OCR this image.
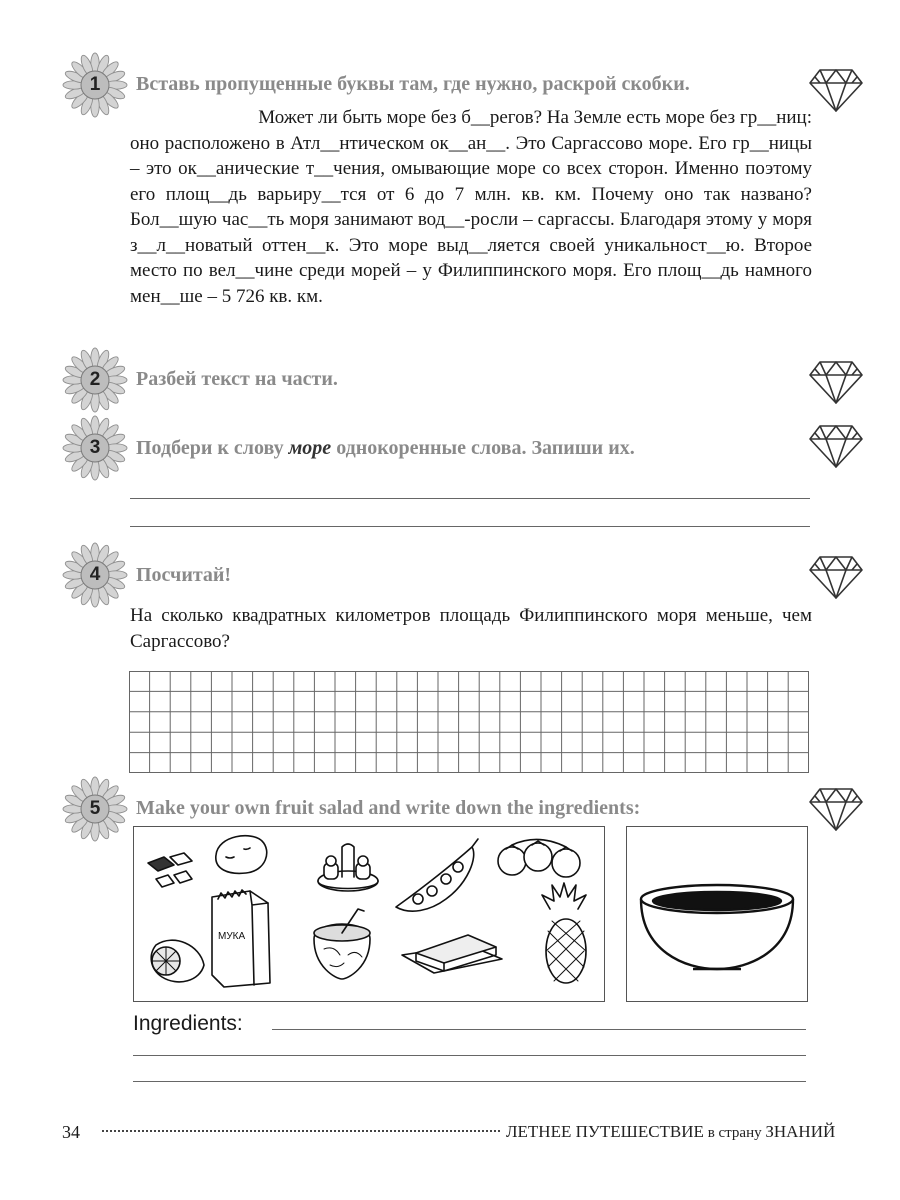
1	Вставь пропущенные буквы там, где нужно, раскрой скобки.

Может ли быть море без б__регов? На Земле есть море без гр__ниц:

оно расположено в Атл__нтическом ок__ан__. Это Саргассово море. Его гр__ницы – это ок__анические т__чения, омывающие море со всех сторон. Именно поэтому его площ__дь варьиру__тся от 6 до 7 млн. кв. км. Почему оно так названо? Бол__шую час__ть моря занимают вод__-росли – саргассы. Благодаря этому у моря з__л__новатый оттен__к. Это море выд__ляется своей уникальност__ю. Второе место по вел__чине среди морей – у Филиппинского моря. Его площ__дь намного мен__ше – 5 726 кв. км.

2	Разбей текст на части.
3	Подбери к слову море однокоренные слова. Запиши их.
4	Посчитай!
На сколько квадратных километров площадь Филиппинского моря меньше, чем Саргассово?
5	Make your own fruit salad and write down the ingredients:
МУКА
Ingredients:
34	ЛЕТНЕЕ ПУТЕШЕСТВИЕ в страну ЗНАНИЙ
